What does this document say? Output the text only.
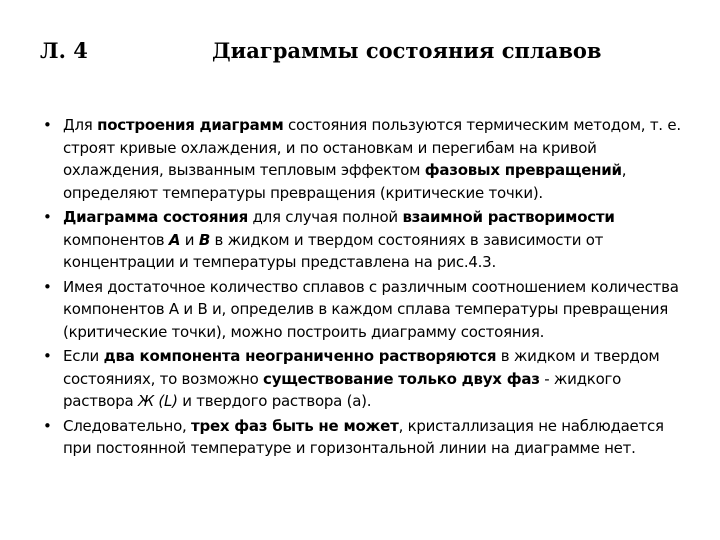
Л. 4	Диаграммы состояния сплавов
• Для построения диаграмм состояния пользуются термическим методом, т. е. строят кривые охлаждения, и по остановкам и перегибам на кривой охлаждения, вызванным тепловым эффектом фазовых превращений, определяют температуры превращения (критические точки).
• Диаграмма состояния для случая полной взаимной растворимости компонентов А и В в жидком и твердом состояниях в зависимости от концентрации и температуры представлена на рис.4.3.
• Имея достаточное количество сплавов с различным соотношением количества компонентов А и В и, определив в каждом сплава температуры превращения (критические точки), можно построить диаграмму состояния.
• Если два компонента неограниченно растворяются в жидком и твердом состояниях, то возможно существование только двух фаз - жидкого раствора Ж (L) и твердого раствора (а).
• Следовательно, трех фаз быть не может, кристаллизация не наблюдается при постоянной температуре и горизонтальной линии на диаграмме нет.
